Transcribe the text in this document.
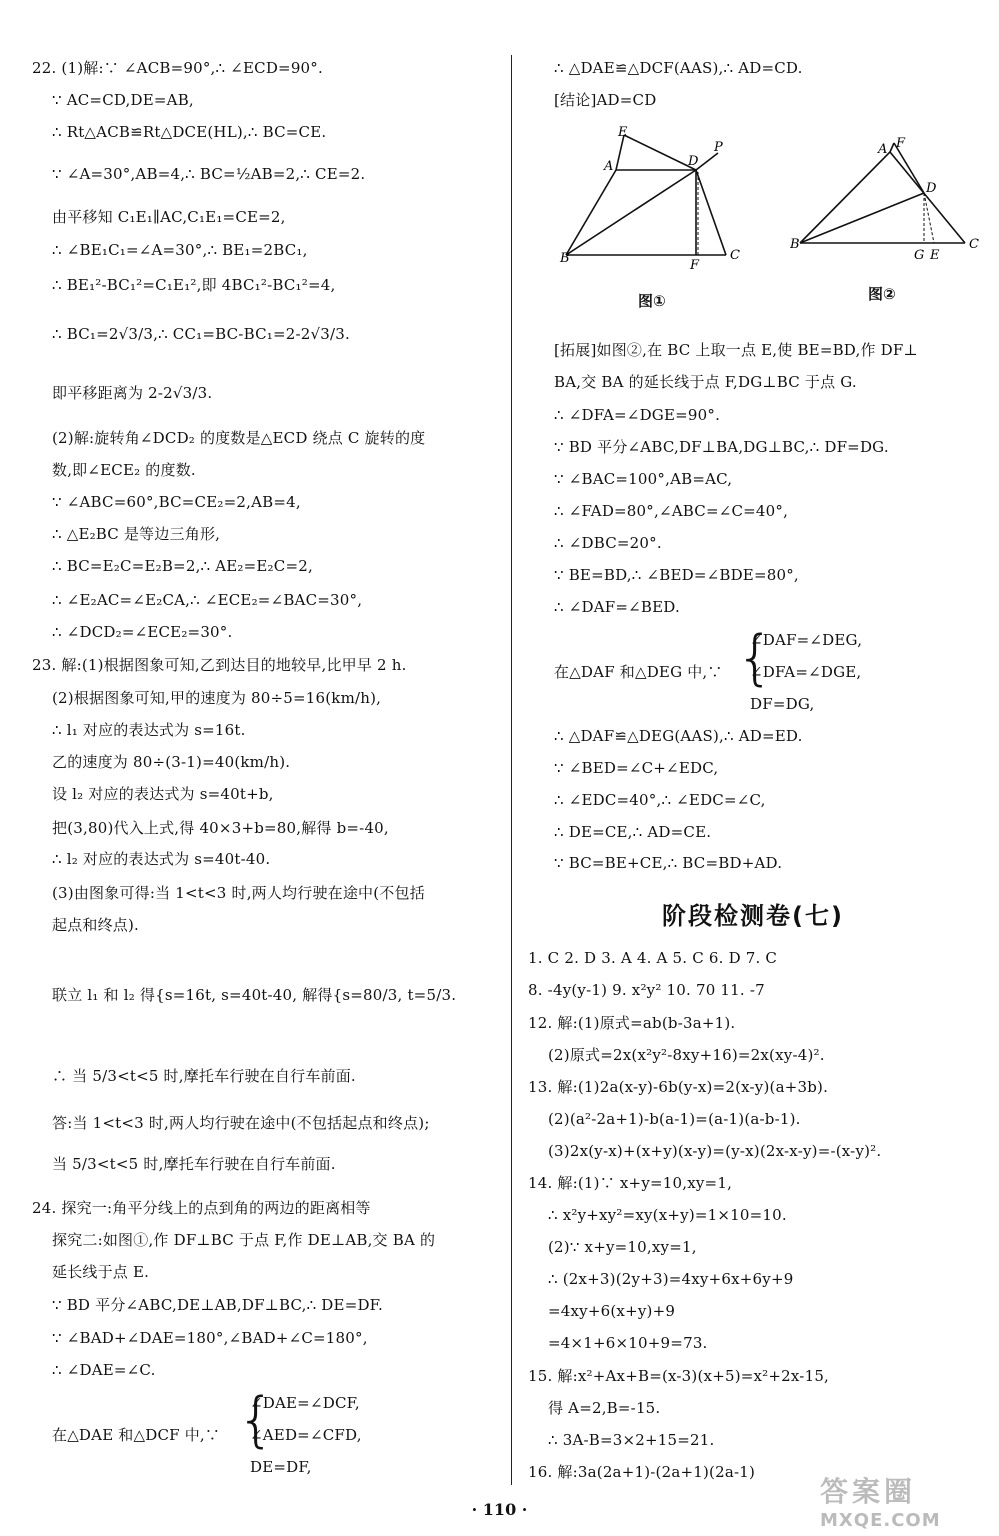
22. (1)解:∵ ∠ACB=90°,∴ ∠ECD=90°.
∵ AC=CD,DE=AB,
∴ Rt△ACB≌Rt△DCE(HL),∴ BC=CE.
∵ ∠A=30°,AB=4,∴ BC=½AB=2,∴ CE=2.
由平移知 C₁E₁∥AC,C₁E₁=CE=2,
∴ ∠BE₁C₁=∠A=30°,∴ BE₁=2BC₁,
∴ BE₁²-BC₁²=C₁E₁²,即 4BC₁²-BC₁²=4,
∴ BC₁=2√3/3,∴ CC₁=BC-BC₁=2-2√3/3.
即平移距离为 2-2√3/3.
(2)解:旋转角∠DCD₂ 的度数是△ECD 绕点 C 旋转的度
数,即∠ECE₂ 的度数.
∵ ∠ABC=60°,BC=CE₂=2,AB=4,
∴ △E₂BC 是等边三角形,
∴ BC=E₂C=E₂B=2,∴ AE₂=E₂C=2,
∴ ∠E₂AC=∠E₂CA,∴ ∠ECE₂=∠BAC=30°,
∴ ∠DCD₂=∠ECE₂=30°.
23. 解:(1)根据图象可知,乙到达目的地较早,比甲早 2 h.
(2)根据图象可知,甲的速度为 80÷5=16(km/h),
∴ l₁ 对应的表达式为 s=16t.
乙的速度为 80÷(3-1)=40(km/h).
设 l₂ 对应的表达式为 s=40t+b,
把(3,80)代入上式,得 40×3+b=80,解得 b=-40,
∴ l₂ 对应的表达式为 s=40t-40.
(3)由图象可得:当 1<t<3 时,两人均行驶在途中(不包括
起点和终点).
联立 l₁ 和 l₂ 得{s=16t, s=40t-40, 解得{s=80/3, t=5/3.
∴ 当 5/3<t<5 时,摩托车行驶在自行车前面.
答:当 1<t<3 时,两人均行驶在途中(不包括起点和终点);
当 5/3<t<5 时,摩托车行驶在自行车前面.
24. 探究一:角平分线上的点到角的两边的距离相等
探究二:如图①,作 DF⊥BC 于点 F,作 DE⊥AB,交 BA 的
延长线于点 E.
∵ BD 平分∠ABC,DE⊥AB,DF⊥BC,∴ DE=DF.
∵ ∠BAD+∠DAE=180°,∠BAD+∠C=180°,
∴ ∠DAE=∠C.
在△DAE 和△DCF 中,∵ {
∠DAE=∠DCF,
∠AED=∠CFD,
DE=DF,
∴ △DAE≌△DCF(AAS),∴ AD=CD.
[结论]AD=CD
E
A	D
P
B	F
C
图①
A F
D
B
G E
C
图②
[拓展]如图②,在 BC 上取一点 E,使 BE=BD,作 DF⊥
BA,交 BA 的延长线于点 F,DG⊥BC 于点 G.
∴ ∠DFA=∠DGE=90°.
∵ BD 平分∠ABC,DF⊥BA,DG⊥BC,∴ DF=DG.
∵ ∠BAC=100°,AB=AC,
∴ ∠FAD=80°,∠ABC=∠C=40°,
∴ ∠DBC=20°.
∵ BE=BD,∴ ∠BED=∠BDE=80°,
∴ ∠DAF=∠BED.
{
∠DAF=∠DEG,
在△DAF 和△DEG 中,∵ ∠DFA=∠DGE,
DF=DG,
∴ △DAF≌△DEG(AAS),∴ AD=ED.
∵ ∠BED=∠C+∠EDC,
∴ ∠EDC=40°,∴ ∠EDC=∠C,
∴ DE=CE,∴ AD=CE.
∵ BC=BE+CE,∴ BC=BD+AD.
阶段检测卷(七)
1. C 2. D 3. A 4. A 5. C 6. D 7. C
8. -4y(y-1) 9. x²y² 10. 70 11. -7
12. 解:(1)原式=ab(b-3a+1).
(2)原式=2x(x²y²-8xy+16)=2x(xy-4)².
13. 解:(1)2a(x-y)-6b(y-x)=2(x-y)(a+3b).
(2)(a²-2a+1)-b(a-1)=(a-1)(a-b-1).
(3)2x(y-x)+(x+y)(x-y)=(y-x)(2x-x-y)=-(x-y)².
14. 解:(1)∵ x+y=10,xy=1,
∴ x²y+xy²=xy(x+y)=1×10=10.
(2)∵ x+y=10,xy=1,
∴ (2x+3)(2y+3)=4xy+6x+6y+9
=4xy+6(x+y)+9
=4×1+6×10+9=73.
15. 解:x²+Ax+B=(x-3)(x+5)=x²+2x-15,
得 A=2,B=-15.
∴ 3A-B=3×2+15=21.
16. 解:3a(2a+1)-(2a+1)(2a-1)
· 110 ·
答案圈
MXQE.COM
